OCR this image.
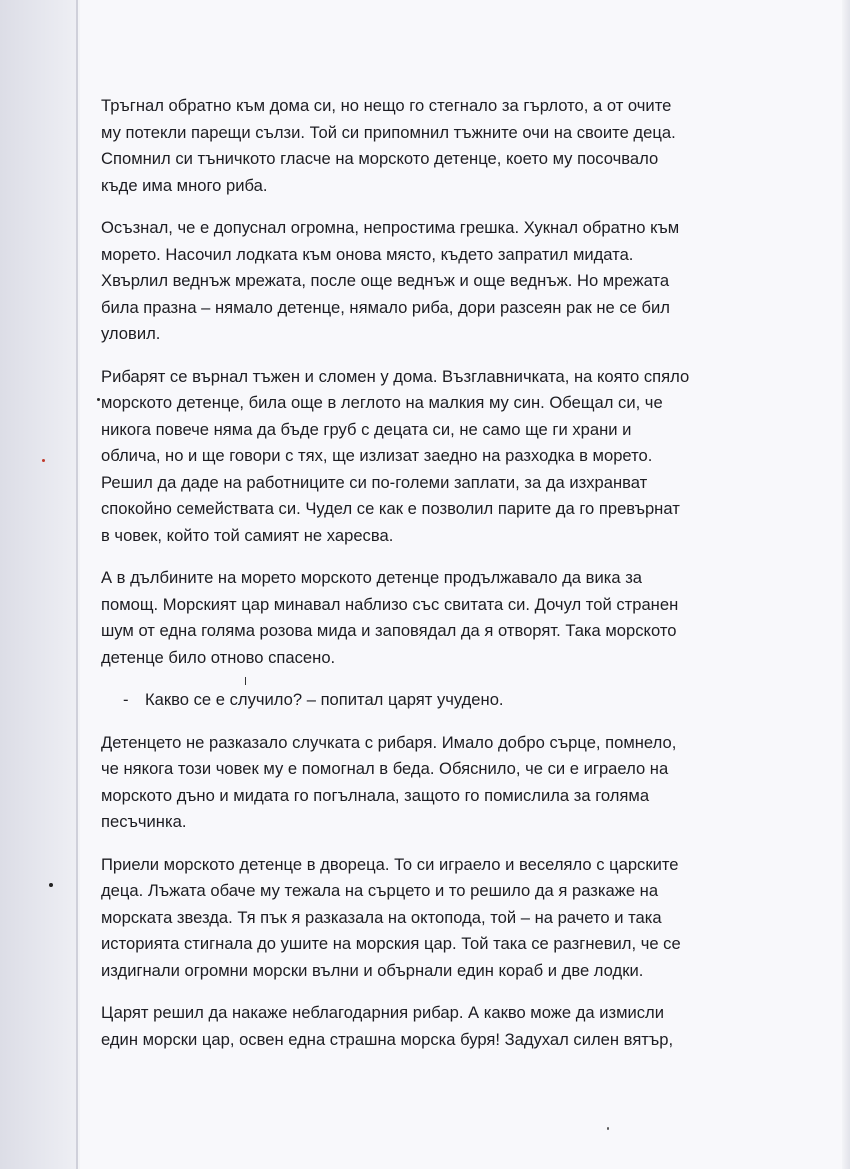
Тръгнал обратно към дома си, но нещо го стегнало за гърлото, а от очите
му потекли парещи сълзи. Той си припомнил тъжните очи на своите деца.
Спомнил си тъничкото гласче на морското детенце, което му посочвало
къде има много риба.

Осъзнал, че е допуснал огромна, непростима грешка. Хукнал обратно към
морето. Насочил лодката към онова място, където запратил мидата.
Хвърлил веднъж мрежата, после още веднъж и още веднъж. Но мрежата
била празна – нямало детенце, нямало риба, дори разсеян рак не се бил
уловил.

Рибарят се върнал тъжен и сломен у дома. Възглавничката, на която спяло
морското детенце, била още в леглото на малкия му син. Обещал си, че
никога повече няма да бъде груб с децата си, не само ще ги храни и
облича, но и ще говори с тях, ще излизат заедно на разходка в морето.
Решил да даде на работниците си по-големи заплати, за да изхранват
спокойно семействата си. Чудел се как е позволил парите да го превърнат
в човек, който той самият не харесва.

А в дълбините на морето морското детенце продължавало да вика за
помощ. Морският цар минавал наблизо със свитата си. Дочул той странен
шум от една голяма розова мида и заповядал да я отворят. Така морското
детенце било отново спасено.

- Какво се е случило? – попитал царят учудено.

Детенцето не разказало случката с рибаря. Имало добро сърце, помнело,
че някога този човек му е помогнал в беда. Обяснило, че си е играело на
морското дъно и мидата го погълнала, защото го помислила за голяма
песъчинка.

Приели морското детенце в двореца. То си играело и веселяло с царските
деца. Лъжата обаче му тежала на сърцето и то решило да я разкаже на
морската звезда. Тя пък я разказала на октопода, той – на рачето и така
историята стигнала до ушите на морския цар. Той така се разгневил, че се
издигнали огромни морски вълни и обърнали един кораб и две лодки.

Царят решил да накаже неблагодарния рибар. А какво може да измисли
един морски цар, освен една страшна морска буря! Задухал силен вятър,
